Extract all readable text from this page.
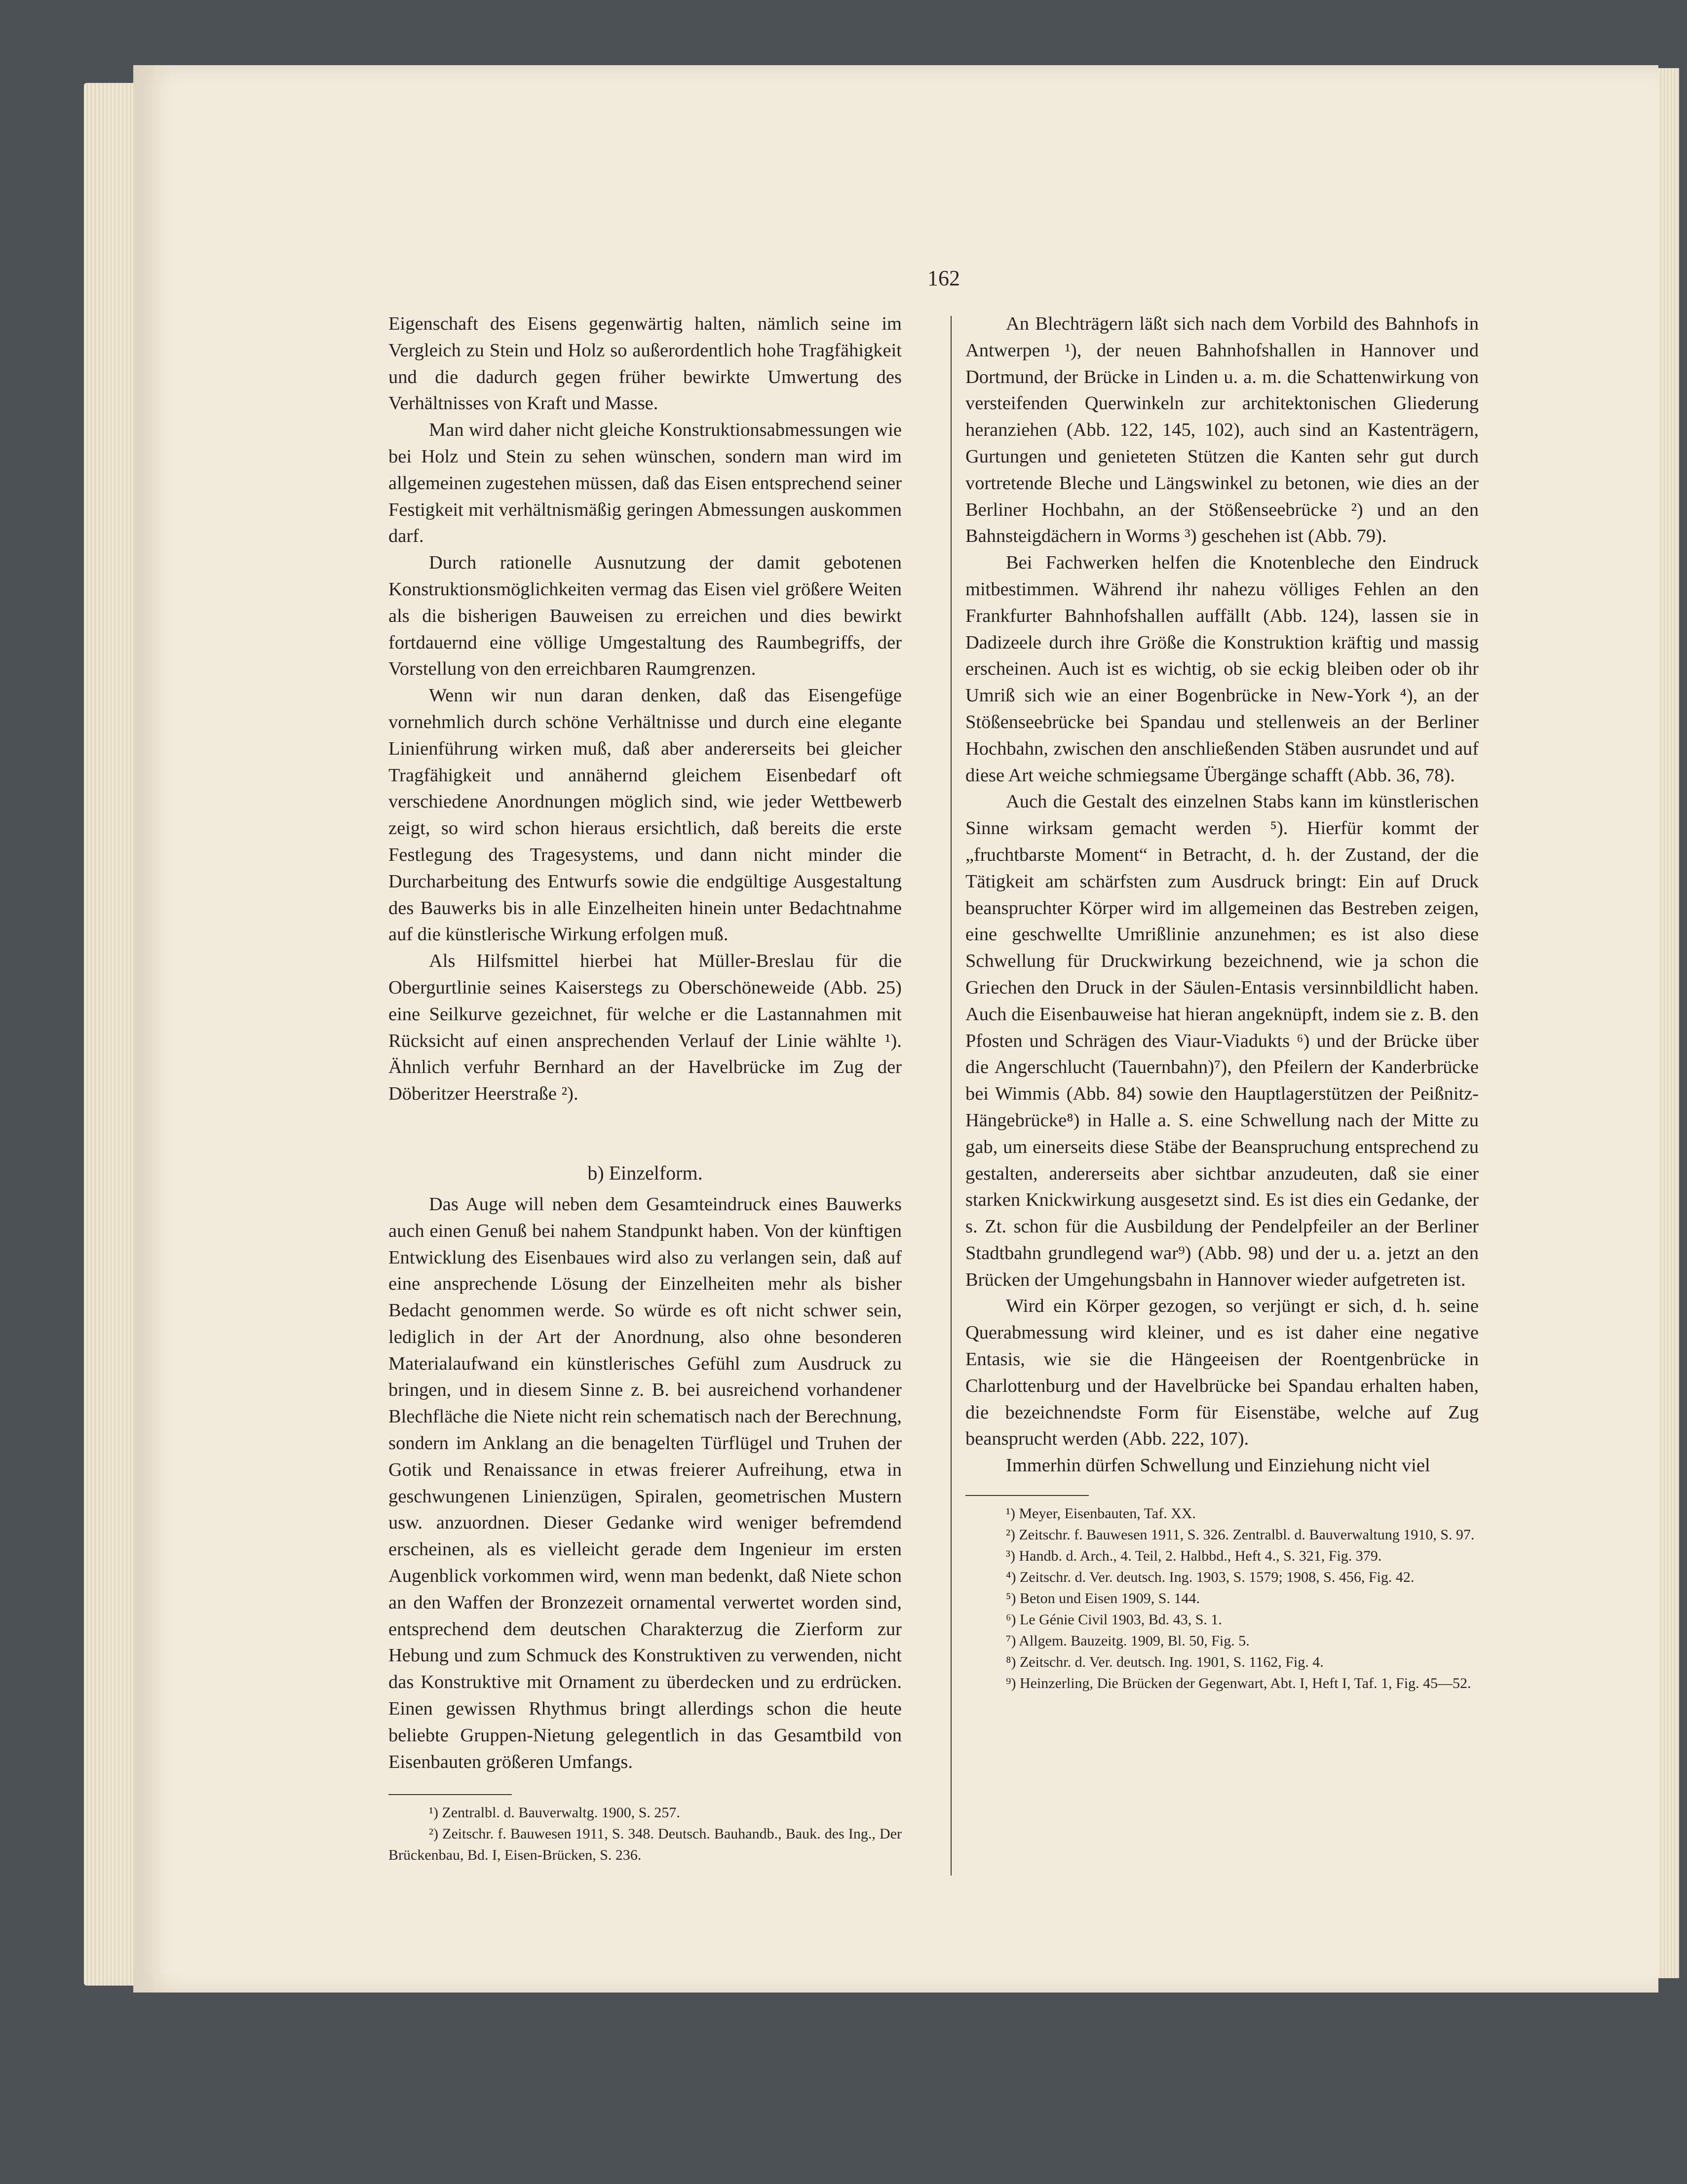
162

Eigenschaft des Eisens gegenwärtig halten, nämlich seine im Vergleich zu Stein und Holz so außerordentlich hohe Tragfähigkeit und die dadurch gegen früher bewirkte Umwertung des Verhältnisses von Kraft und Masse.

Man wird daher nicht gleiche Konstruktionsabmessungen wie bei Holz und Stein zu sehen wünschen, sondern man wird im allgemeinen zugestehen müssen, daß das Eisen entsprechend seiner Festigkeit mit verhältnismäßig geringen Abmessungen auskommen darf.

Durch rationelle Ausnutzung der damit gebotenen Konstruktionsmöglichkeiten vermag das Eisen viel größere Weiten als die bisherigen Bauweisen zu erreichen und dies bewirkt fortdauernd eine völlige Umgestaltung des Raumbegriffs, der Vorstellung von den erreichbaren Raumgrenzen.

Wenn wir nun daran denken, daß das Eisengefüge vornehmlich durch schöne Verhältnisse und durch eine elegante Linienführung wirken muß, daß aber andererseits bei gleicher Tragfähigkeit und annähernd gleichem Eisenbedarf oft verschiedene Anordnungen möglich sind, wie jeder Wettbewerb zeigt, so wird schon hieraus ersichtlich, daß bereits die erste Festlegung des Tragesystems, und dann nicht minder die Durcharbeitung des Entwurfs sowie die endgültige Ausgestaltung des Bauwerks bis in alle Einzelheiten hinein unter Bedachtnahme auf die künstlerische Wirkung erfolgen muß.

Als Hilfsmittel hierbei hat Müller-Breslau für die Obergurtlinie seines Kaiserstegs zu Oberschöneweide (Abb. 25) eine Seilkurve gezeichnet, für welche er die Lastannahmen mit Rücksicht auf einen ansprechenden Verlauf der Linie wählte ¹). Ähnlich verfuhr Bernhard an der Havelbrücke im Zug der Döberitzer Heerstraße ²).

b) Einzelform.

Das Auge will neben dem Gesamteindruck eines Bauwerks auch einen Genuß bei nahem Standpunkt haben. Von der künftigen Entwicklung des Eisenbaues wird also zu verlangen sein, daß auf eine ansprechende Lösung der Einzelheiten mehr als bisher Bedacht genommen werde. So würde es oft nicht schwer sein, lediglich in der Art der Anordnung, also ohne besonderen Materialaufwand ein künstlerisches Gefühl zum Ausdruck zu bringen, und in diesem Sinne z. B. bei ausreichend vorhandener Blechfläche die Niete nicht rein schematisch nach der Berechnung, sondern im Anklang an die benagelten Türflügel und Truhen der Gotik und Renaissance in etwas freierer Aufreihung, etwa in geschwungenen Linienzügen, Spiralen, geometrischen Mustern usw. anzuordnen. Dieser Gedanke wird weniger befremdend erscheinen, als es vielleicht gerade dem Ingenieur im ersten Augenblick vorkommen wird, wenn man bedenkt, daß Niete schon an den Waffen der Bronzezeit ornamental verwertet worden sind, entsprechend dem deutschen Charakterzug die Zierform zur Hebung und zum Schmuck des Konstruktiven zu verwenden, nicht das Konstruktive mit Ornament zu überdecken und zu erdrücken. Einen gewissen Rhythmus bringt allerdings schon die heute beliebte Gruppen-Nietung gelegentlich in das Gesamtbild von Eisenbauten größeren Umfangs.

¹) Zentralbl. d. Bauverwaltg. 1900, S. 257.

²) Zeitschr. f. Bauwesen 1911, S. 348. Deutsch. Bauhandb., Bauk. des Ing., Der Brückenbau, Bd. I, Eisen-Brücken, S. 236.

An Blechträgern läßt sich nach dem Vorbild des Bahnhofs in Antwerpen ¹), der neuen Bahnhofshallen in Hannover und Dortmund, der Brücke in Linden u. a. m. die Schattenwirkung von versteifenden Querwinkeln zur architektonischen Gliederung heranziehen (Abb. 122, 145, 102), auch sind an Kastenträgern, Gurtungen und genieteten Stützen die Kanten sehr gut durch vortretende Bleche und Längswinkel zu betonen, wie dies an der Berliner Hochbahn, an der Stößenseebrücke ²) und an den Bahnsteigdächern in Worms ³) geschehen ist (Abb. 79).

Bei Fachwerken helfen die Knotenbleche den Eindruck mitbestimmen. Während ihr nahezu völliges Fehlen an den Frankfurter Bahnhofshallen auffällt (Abb. 124), lassen sie in Dadizeele durch ihre Größe die Konstruktion kräftig und massig erscheinen. Auch ist es wichtig, ob sie eckig bleiben oder ob ihr Umriß sich wie an einer Bogenbrücke in New-York ⁴), an der Stößenseebrücke bei Spandau und stellenweis an der Berliner Hochbahn, zwischen den anschließenden Stäben ausrundet und auf diese Art weiche schmiegsame Übergänge schafft (Abb. 36, 78).

Auch die Gestalt des einzelnen Stabs kann im künstlerischen Sinne wirksam gemacht werden ⁵). Hierfür kommt der „fruchtbarste Moment“ in Betracht, d. h. der Zustand, der die Tätigkeit am schärfsten zum Ausdruck bringt: Ein auf Druck beanspruchter Körper wird im allgemeinen das Bestreben zeigen, eine geschwellte Umrißlinie anzunehmen; es ist also diese Schwellung für Druckwirkung bezeichnend, wie ja schon die Griechen den Druck in der Säulen-Entasis versinnbildlicht haben. Auch die Eisenbauweise hat hieran angeknüpft, indem sie z. B. den Pfosten und Schrägen des Viaur-Viadukts ⁶) und der Brücke über die Angerschlucht (Tauernbahn)⁷), den Pfeilern der Kanderbrücke bei Wimmis (Abb. 84) sowie den Hauptlagerstützen der Peißnitz-Hängebrücke⁸) in Halle a. S. eine Schwellung nach der Mitte zu gab, um einerseits diese Stäbe der Beanspruchung entsprechend zu gestalten, andererseits aber sichtbar anzudeuten, daß sie einer starken Knickwirkung ausgesetzt sind. Es ist dies ein Gedanke, der s. Zt. schon für die Ausbildung der Pendelpfeiler an der Berliner Stadtbahn grundlegend war⁹) (Abb. 98) und der u. a. jetzt an den Brücken der Umgehungsbahn in Hannover wieder aufgetreten ist.

Wird ein Körper gezogen, so verjüngt er sich, d. h. seine Querabmessung wird kleiner, und es ist daher eine negative Entasis, wie sie die Hängeeisen der Roentgenbrücke in Charlottenburg und der Havelbrücke bei Spandau erhalten haben, die bezeichnendste Form für Eisenstäbe, welche auf Zug beansprucht werden (Abb. 222, 107).

Immerhin dürfen Schwellung und Einziehung nicht viel

¹) Meyer, Eisenbauten, Taf. XX.

²) Zeitschr. f. Bauwesen 1911, S. 326. Zentralbl. d. Bauverwaltung 1910, S. 97.

³) Handb. d. Arch., 4. Teil, 2. Halbbd., Heft 4., S. 321, Fig. 379.

⁴) Zeitschr. d. Ver. deutsch. Ing. 1903, S. 1579; 1908, S. 456, Fig. 42.

⁵) Beton und Eisen 1909, S. 144.

⁶) Le Génie Civil 1903, Bd. 43, S. 1.

⁷) Allgem. Bauzeitg. 1909, Bl. 50, Fig. 5.

⁸) Zeitschr. d. Ver. deutsch. Ing. 1901, S. 1162, Fig. 4.

⁹) Heinzerling, Die Brücken der Gegenwart, Abt. I, Heft I, Taf. 1, Fig. 45—52.
